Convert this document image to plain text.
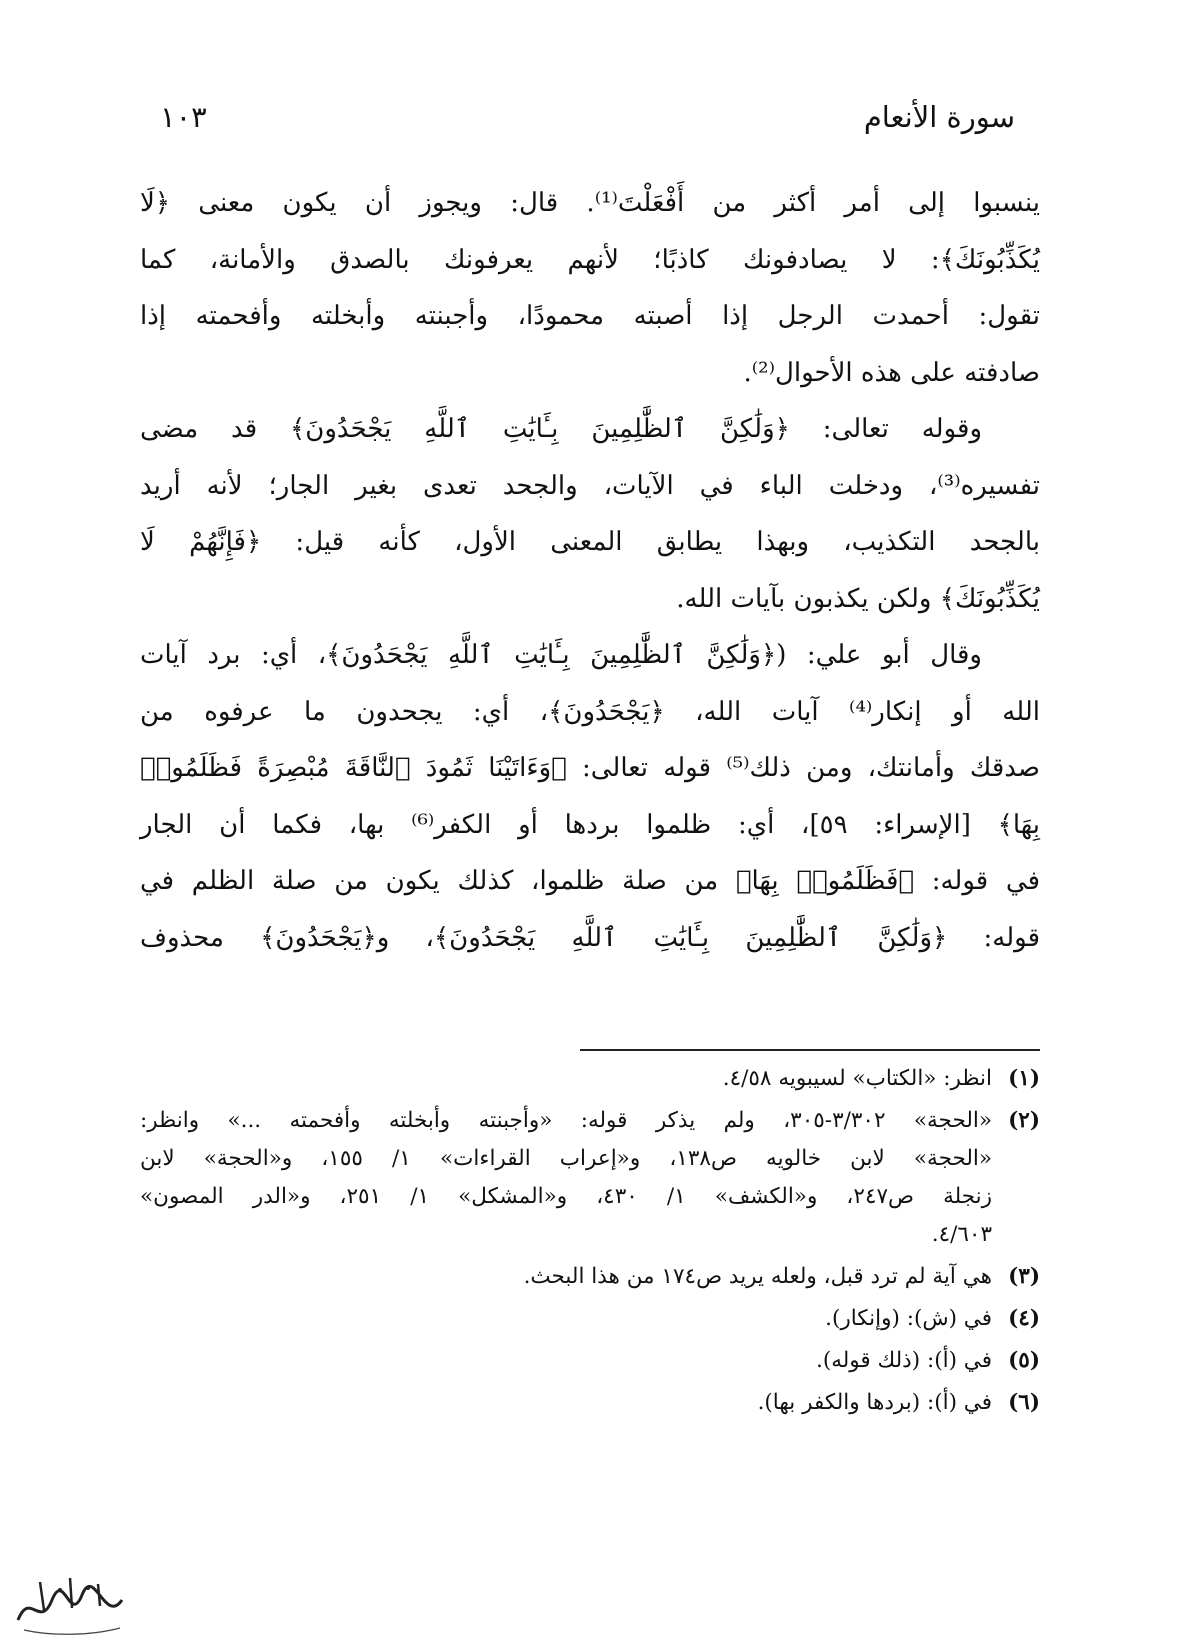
سورة الأنعام
١٠٣

ينسبوا إلى أمر أكثر من أَفْعَلْتَ⁽¹⁾. قال: ويجوز أن يكون معنى ﴿لَا
يُكَذِّبُونَكَ﴾: لا يصادفونك كاذبًا؛ لأنهم يعرفونك بالصدق والأمانة، كما
تقول: أحمدت الرجل إذا أصبته محمودًا، وأجبنته وأبخلته وأفحمته إذا
صادفته على هذه الأحوال⁽²⁾.

وقوله تعالى: ﴿وَلَٰكِنَّ ٱلظَّٰلِمِينَ بِـَٔايَٰتِ ٱللَّهِ يَجْحَدُونَ﴾ قد مضى
تفسيره⁽³⁾، ودخلت الباء في الآيات، والجحد تعدى بغير الجار؛ لأنه أريد
بالجحد التكذيب، وبهذا يطابق المعنى الأول، كأنه قيل: ﴿فَإِنَّهُمْ لَا
يُكَذِّبُونَكَ﴾ ولكن يكذبون بآيات الله.

وقال أبو علي: (﴿وَلَٰكِنَّ ٱلظَّٰلِمِينَ بِـَٔايَٰتِ ٱللَّهِ يَجْحَدُونَ﴾، أي: برد آيات
الله أو إنكار⁽⁴⁾ آيات الله، ﴿يَجْحَدُونَ﴾، أي: يجحدون ما عرفوه من
صدقك وأمانتك، ومن ذلك⁽⁵⁾ قوله تعالى: ﴿وَءَاتَيْنَا ثَمُودَ ٱلنَّاقَةَ مُبْصِرَةً فَظَلَمُوا۟
بِهَا﴾ [الإسراء: ٥٩]، أي: ظلموا بردها أو الكفر⁽⁶⁾ بها، فكما أن الجار
في قوله: ﴿فَظَلَمُوا۟ بِهَا﴾ من صلة ظلموا، كذلك يكون من صلة الظلم في
قوله: ﴿وَلَٰكِنَّ ٱلظَّٰلِمِينَ بِـَٔايَٰتِ ٱللَّهِ يَجْحَدُونَ﴾، و﴿يَجْحَدُونَ﴾ محذوف

(١)
انظر: «الكتاب» لسيبويه ٤/٥٨.
(٢)
«الحجة» ٣/٣٠٢-٣٠٥، ولم يذكر قوله: «وأجبنته وأبخلته وأفحمته ...» وانظر:
«الحجة» لابن خالويه ص١٣٨، و«إعراب القراءات» ١/ ١٥٥، و«الحجة» لابن
زنجلة ص٢٤٧، و«الكشف» ١/ ٤٣٠، و«المشكل» ١/ ٢٥١، و«الدر المصون»
٤/٦٠٣.
(٣)
هي آية لم ترد قبل، ولعله يريد ص١٧٤ من هذا البحث.
(٤)
في (ش): (وإنكار).
(٥)
في (أ): (ذلك قوله).
(٦)
في (أ): (بردها والكفر بها).
